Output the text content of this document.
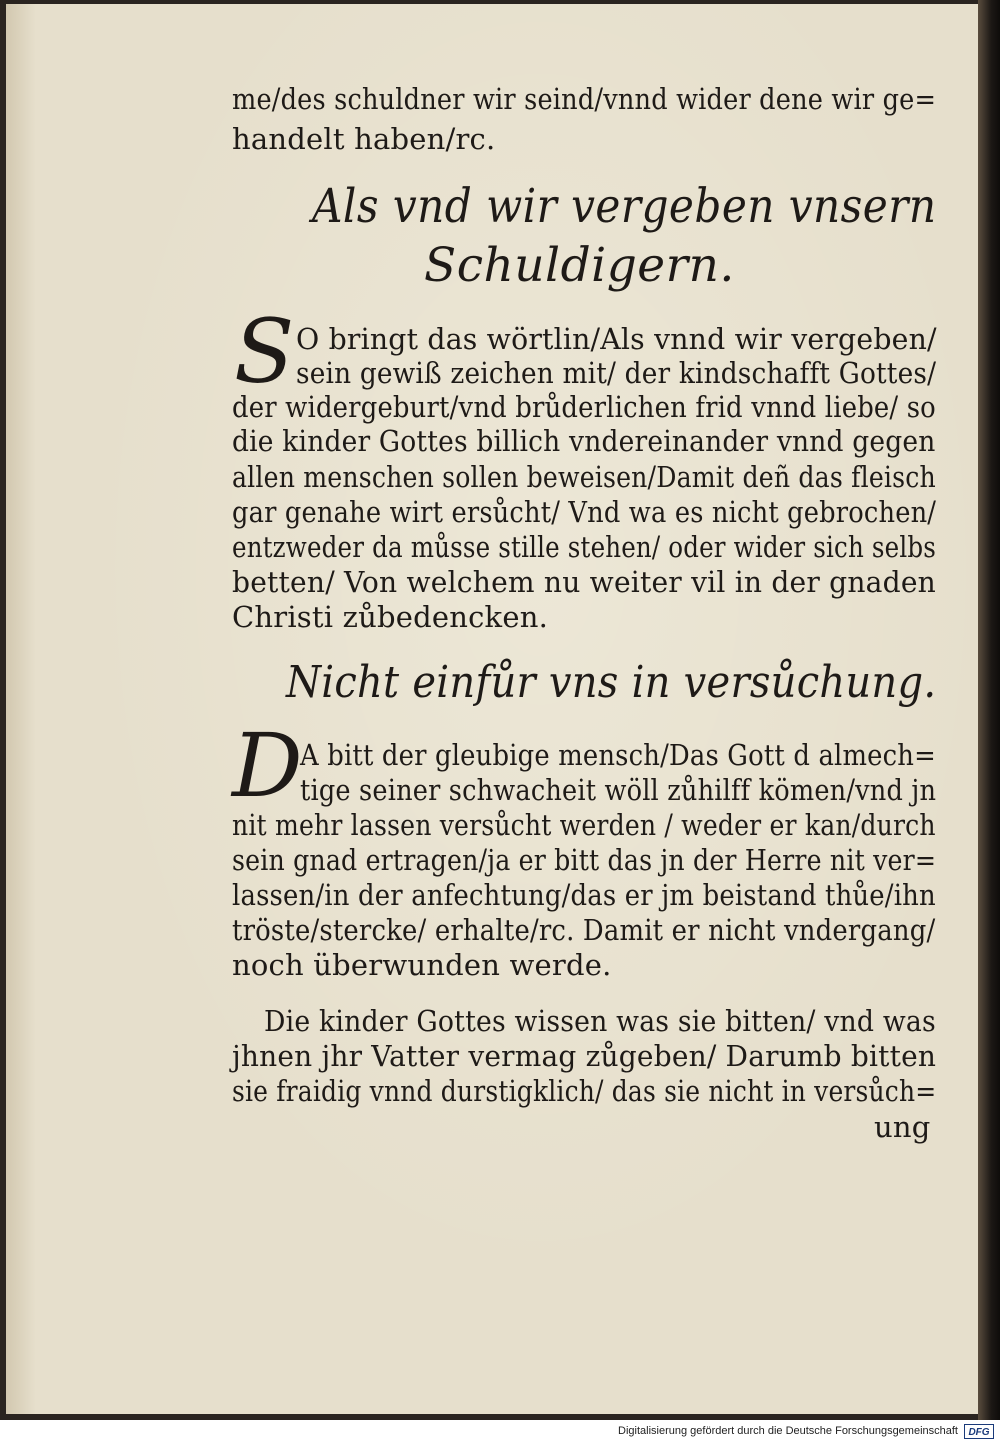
me/des schuldner wir seind/vnnd wider dene wir ge=
handelt haben/rc.
Als vnd wir vergeben vnsern
Schuldigern.
S O bringt das wörtlin/Als vnnd wir vergeben/
sein gewiß zeichen mit/ der kindschafft Gottes/
der widergeburt/vnd brůderlichen frid vnnd liebe/ so
die kinder Gottes billich vndereinander vnnd gegen
allen menschen sollen beweisen/Damit deñ das fleisch
gar genahe wirt ersůcht/ Vnd wa es nicht gebrochen/
entzweder da můsse stille stehen/ oder wider sich selbs
betten/ Von welchem nu weiter vil in der gnaden
Christi zůbedencken.
Nicht einfůr vns in versůchung.
D
A bitt der gleubige mensch/Das Gott d almech=
tige seiner schwacheit wöll zůhilff kömen/vnd jn
nit mehr lassen versůcht werden / weder er kan/durch
sein gnad ertragen/ja er bitt das jn der Herre nit ver=
lassen/in der anfechtung/das er jm beistand thůe/ihn
tröste/stercke/ erhalte/rc. Damit er nicht vndergang/
noch überwunden werde.
Die kinder Gottes wissen was sie bitten/ vnd was
jhnen jhr Vatter vermag zůgeben/ Darumb bitten
sie fraidig vnnd durstigklich/ das sie nicht in versůch=
ung
Digitalisierung gefördert durch die Deutsche Forschungsgemeinschaft	DFG
